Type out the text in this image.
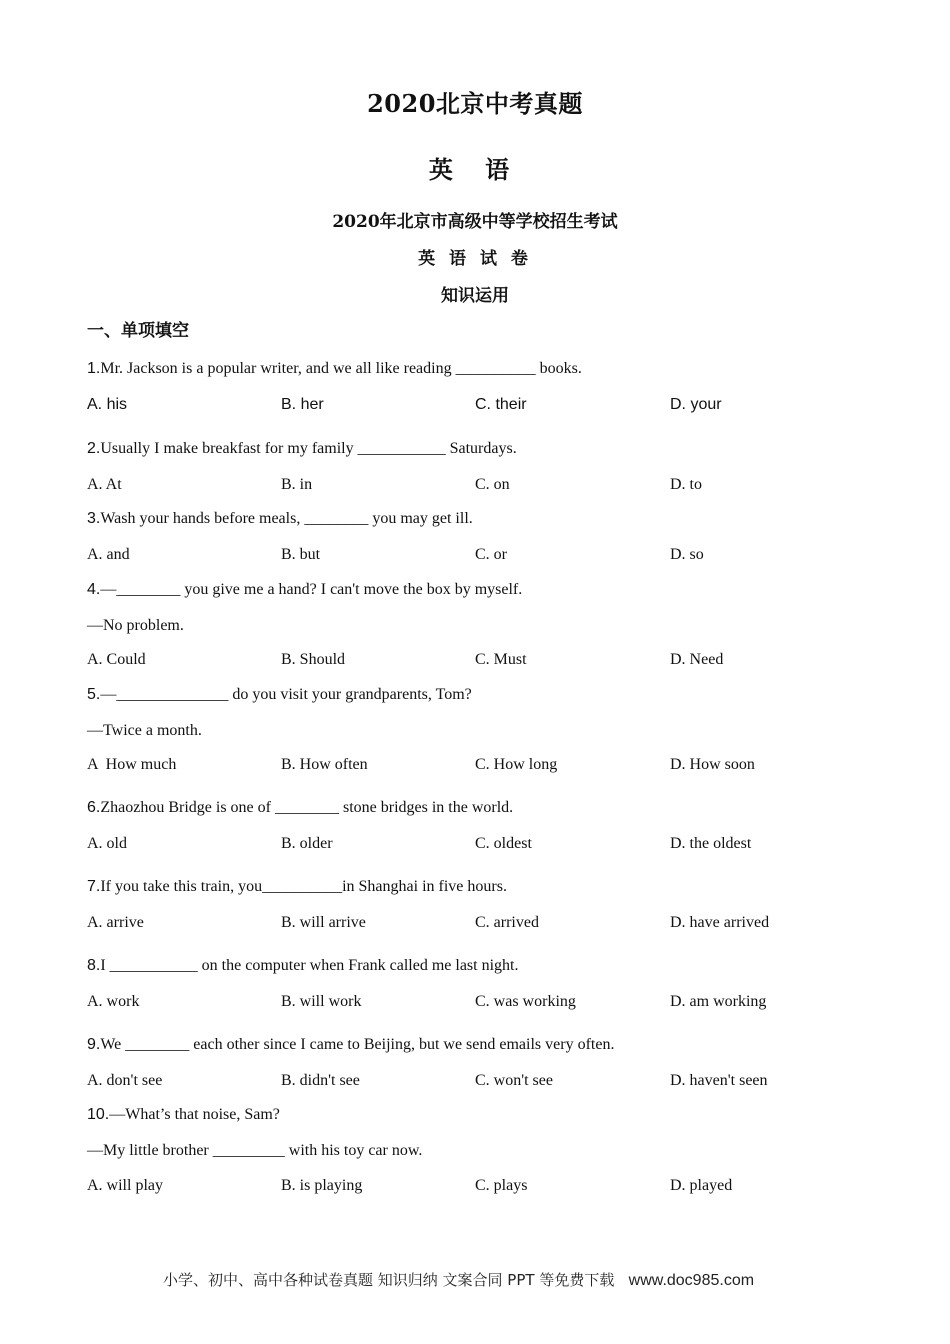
2020北京中考真题
英 语
2020年北京市高级中等学校招生考试
英 语 试 卷
知识运用
一、单项填空
1.Mr. Jackson is a popular writer, and we all like reading __________ books.
A. his	B. her	C. their	D. your
2.Usually I make breakfast for my family ___________ Saturdays.
A. At	B. in	C. on	D. to
3.Wash your hands before meals, ________ you may get ill.
A. and	B. but	C. or	D. so
4.—________ you give me a hand? I can't move the box by myself.
—No problem.
A. Could	B. Should	C. Must	D. Need
5.—______________ do you visit your grandparents, Tom?
—Twice a month.
A  How much	B. How often	C. How long	D. How soon
6.Zhaozhou Bridge is one of ________ stone bridges in the world.
A. old	B. older	C. oldest	D. the oldest
7.If you take this train, you__________in Shanghai in five hours.
A. arrive	B. will arrive	C. arrived	D. have arrived
8.I ___________ on the computer when Frank called me last night.
A. work	B. will work	C. was working	D. am working
9.We ________ each other since I came to Beijing, but we send emails very often.
A. don't see	B. didn't see	C. won't see	D. haven't seen
10.—What’s that noise, Sam?
—My little brother _________ with his toy car now.
A. will play	B. is playing	C. plays	D. played
小学、初中、高中各种试卷真题 知识归纳 文案合同 PPT 等免费下载 www.doc985.com
